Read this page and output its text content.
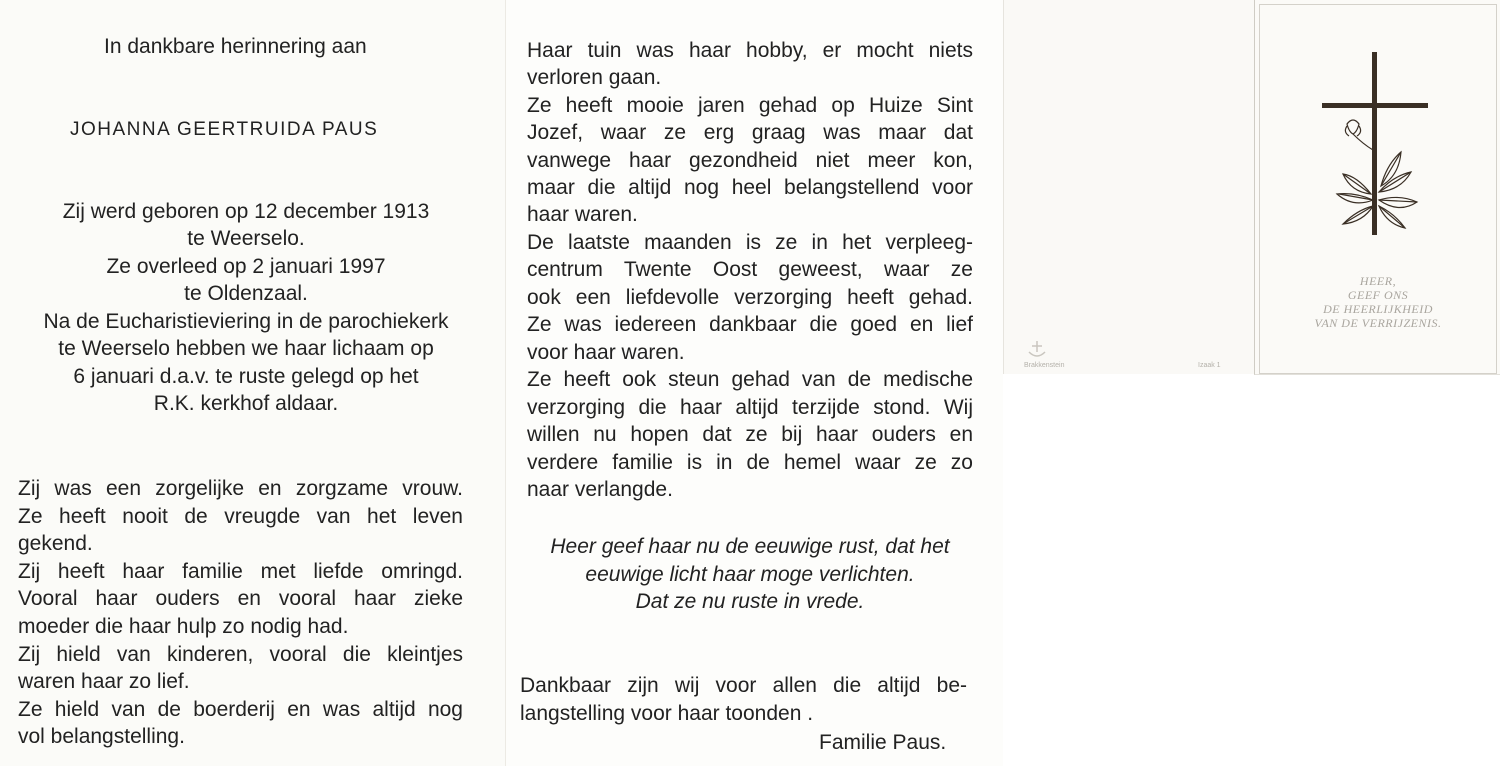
In dankbare herinnering aan
JOHANNA GEERTRUIDA PAUS
Zij werd geboren op 12 december 1913
te Weerselo.
Ze overleed op 2 januari 1997
te Oldenzaal.
Na de Eucharistieviering in de parochiekerk
te Weerselo hebben we haar lichaam op
6 januari d.a.v. te ruste gelegd op het
R.K. kerkhof aldaar.
Zij was een zorgelijke en zorgzame vrouw.
Ze heeft nooit de vreugde van het leven
gekend.
Zij heeft haar familie met liefde omringd.
Vooral haar ouders en vooral haar zieke
moeder die haar hulp zo nodig had.
Zij hield van kinderen, vooral die kleintjes
waren haar zo lief.
Ze hield van de boerderij en was altijd nog
vol belangstelling.
Haar tuin was haar hobby, er mocht niets
verloren gaan.
Ze heeft mooie jaren gehad op Huize Sint
Jozef, waar ze erg graag was maar dat
vanwege haar gezondheid niet meer kon,
maar die altijd nog heel belangstellend voor
haar waren.
De laatste maanden is ze in het verpleeg-
centrum Twente Oost geweest, waar ze
ook een liefdevolle verzorging heeft gehad.
Ze was iedereen dankbaar die goed en lief
voor haar waren.
Ze heeft ook steun gehad van de medische
verzorging die haar altijd terzijde stond. Wij
willen nu hopen dat ze bij haar ouders en
verdere familie is in de hemel waar ze zo
naar verlangde.
Heer geef haar nu de eeuwige rust, dat het
eeuwige licht haar moge verlichten.
Dat ze nu ruste in vrede.
Dankbaar zijn wij voor allen die altijd be-
langstelling voor haar toonden .
Familie Paus.
Brakkenstein	Izaak 1
HEER,
GEEF ONS
DE HEERLIJKHEID
VAN DE VERRIJZENIS.
